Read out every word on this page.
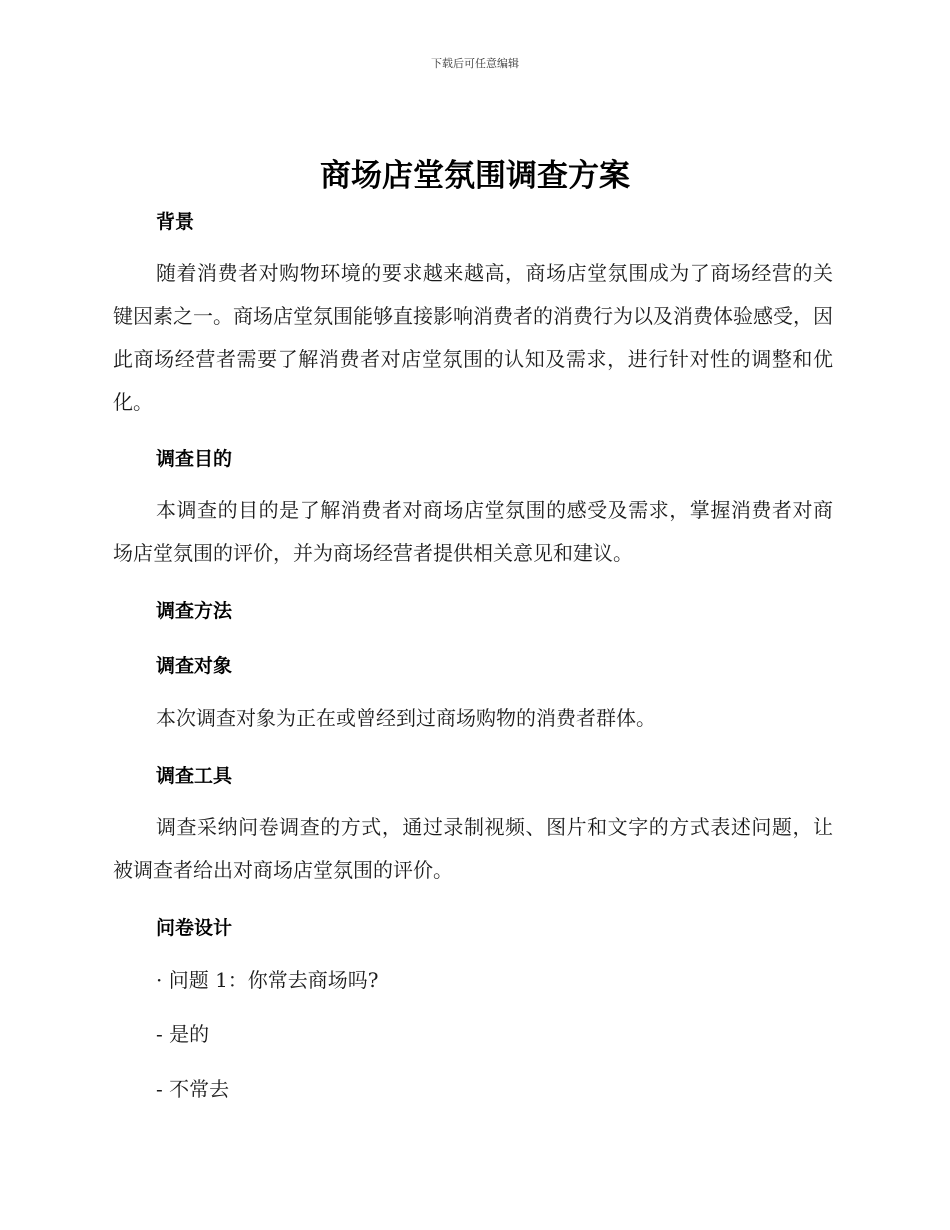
下载后可任意编辑
商场店堂氛围调查方案
背景

随着消费者对购物环境的要求越来越高，商场店堂氛围成为了商场经营的关键因素之一。商场店堂氛围能够直接影响消费者的消费行为以及消费体验感受，因此商场经营者需要了解消费者对店堂氛围的认知及需求，进行针对性的调整和优化。

调查目的

本调查的目的是了解消费者对商场店堂氛围的感受及需求，掌握消费者对商场店堂氛围的评价，并为商场经营者提供相关意见和建议。

调查方法
调查对象
本次调查对象为正在或曾经到过商场购物的消费者群体。
调查工具

调查采纳问卷调查的方式，通过录制视频、图片和文字的方式表述问题，让被调查者给出对商场店堂氛围的评价。

问卷设计
· 问题 1：你常去商场吗?
- 是的
- 不常去
